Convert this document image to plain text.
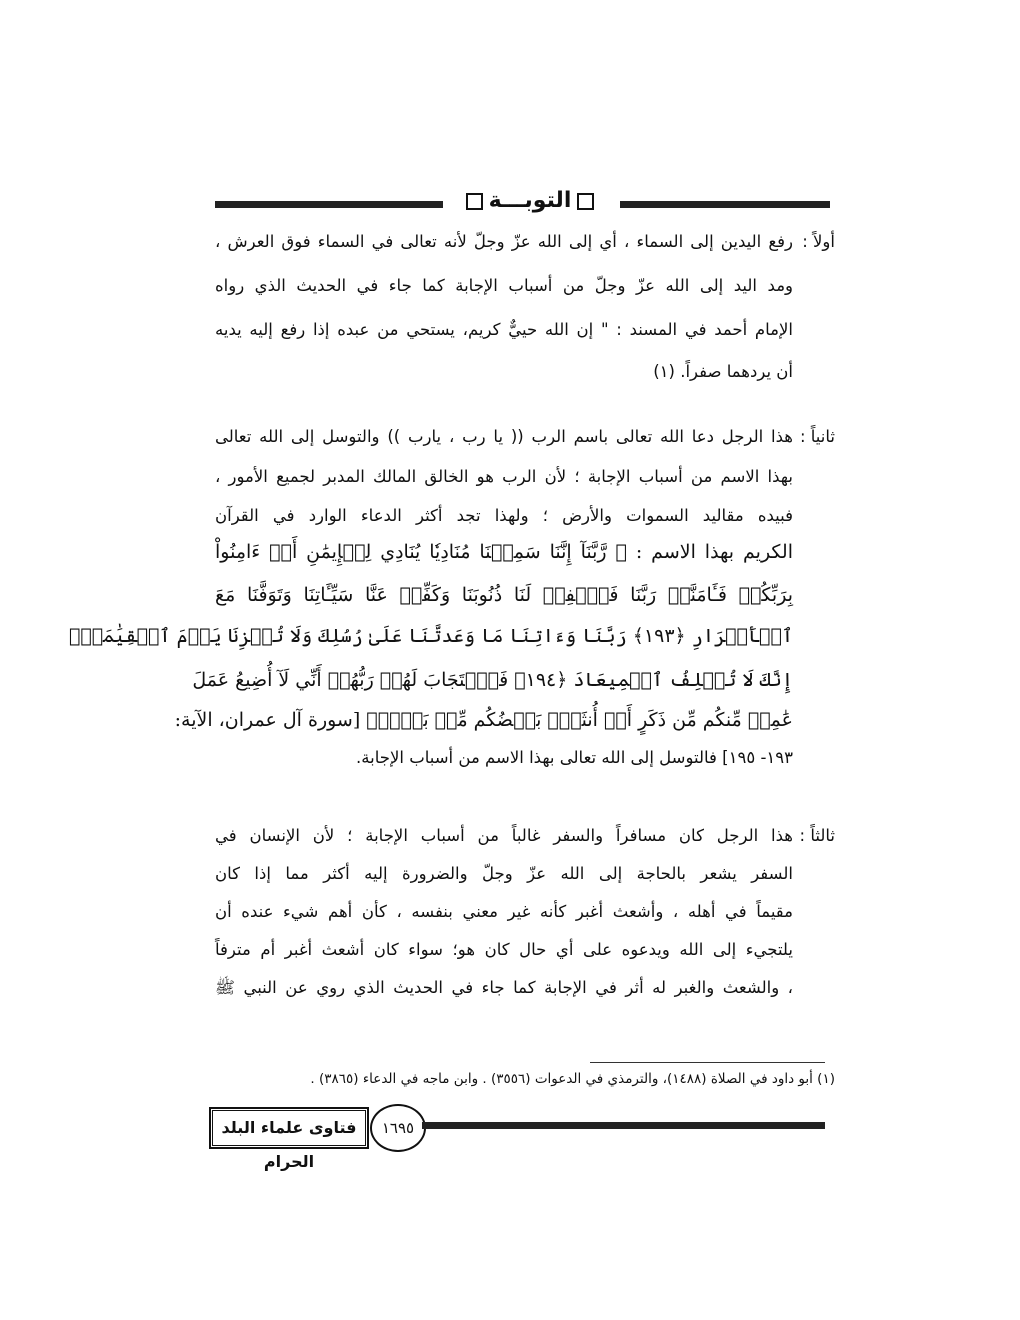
التوبـــة
أولاً :
رفع اليدين إلى السماء ، أي إلى الله عزّ وجلّ لأنه تعالى في السماء فوق العرش ،
ومد اليد إلى الله عزّ وجلّ من أسباب الإجابة كما جاء في الحديث الذي رواه
الإمام أحمد في المسند : " إن الله حييٌّ كريم، يستحي من عبده إذا رفع إليه يديه
أن يردهما صفراً. (١)
ثانياً :
هذا الرجل دعا الله تعالى باسم الرب (( يا رب ، يارب )) والتوسل إلى الله تعالى
بهذا الاسم من أسباب الإجابة ؛ لأن الرب هو الخالق المالك المدبر لجميع الأمور ،
فبيده مقاليد السموات والأرض ؛ ولهذا تجد أكثر الدعاء الوارد في القرآن
الكريم بهذا الاسم : ﴿ رَّبَّنَآ إِنَّنَا سَمِعۡنَا مُنَادِيٗا يُنَادِي لِلۡإِيمَٰنِ أَنۡ ءَامِنُواْ
بِرَبِّكُمۡ فَـَٔامَنَّاۚ رَبَّنَا فَٱغۡفِرۡ لَنَا ذُنُوبَنَا وَكَفِّرۡ عَنَّا سَيِّـَٔاتِنَا وَتَوَفَّنَا مَعَ
ٱلۡأَبۡرَارِ ﴿١٩٣﴾ رَبَّنَا وَءَاتِنَا مَا وَعَدتَّنَا عَلَىٰ رُسُلِكَ وَلَا تُخۡزِنَا يَوۡمَ ٱلۡقِيَٰمَةِۖ
إِنَّكَ لَا تُخۡلِفُ ٱلۡمِيعَادَ ﴿١٩٤﴾ فَٱسۡتَجَابَ لَهُمۡ رَبُّهُمۡ أَنِّي لَآ أُضِيعُ عَمَلَ
عَٰمِلٖ مِّنكُم مِّن ذَكَرٍ أَوۡ أُنثَىٰۖ بَعۡضُكُم مِّنۢ بَعۡضٖ﴾ [سورة آل عمران، الآية:
١٩٣- ١٩٥] فالتوسل إلى الله تعالى بهذا الاسم من أسباب الإجابة.
ثالثاً :
هذا الرجل كان مسافراً والسفر غالباً من أسباب الإجابة ؛ لأن الإنسان في
السفر يشعر بالحاجة إلى الله عزّ وجلّ والضرورة إليه أكثر مما إذا كان
مقيماً في أهله ، وأشعث أغبر كأنه غير معني بنفسه ، كأن أهم شيء عنده أن
يلتجيء إلى الله ويدعوه على أي حال كان هو؛ سواء كان أشعث أغبر أم مترفاً
، والشعث والغبر له أثر في الإجابة كما جاء في الحديث الذي روي عن النبي ﷺ
(١) أبو داود في الصلاة (١٤٨٨)، والترمذي في الدعوات (٣٥٥٦) . وابن ماجه في الدعاء (٣٨٦٥) .
فتاوى علماء البلد الحرام
١٦٩٥
